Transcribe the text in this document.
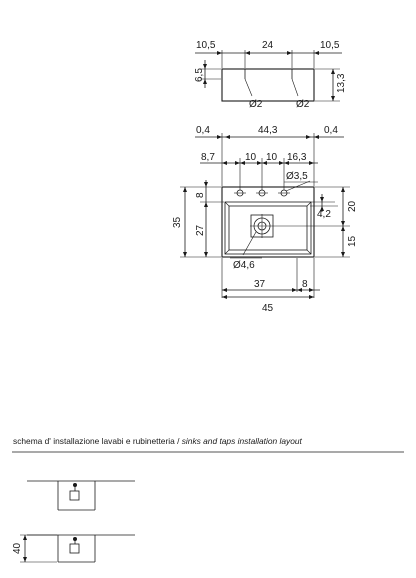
10,5	24	10,5
6,5	13,3
Ø2	Ø2
0,4	44,3	0,4
8,7	10 10 16,3
Ø3,5
35
8
27
20
15
4,2
Ø4,6
37	8
45
40
schema d' installazione lavabi e rubinetteria / sinks and taps installation layout
